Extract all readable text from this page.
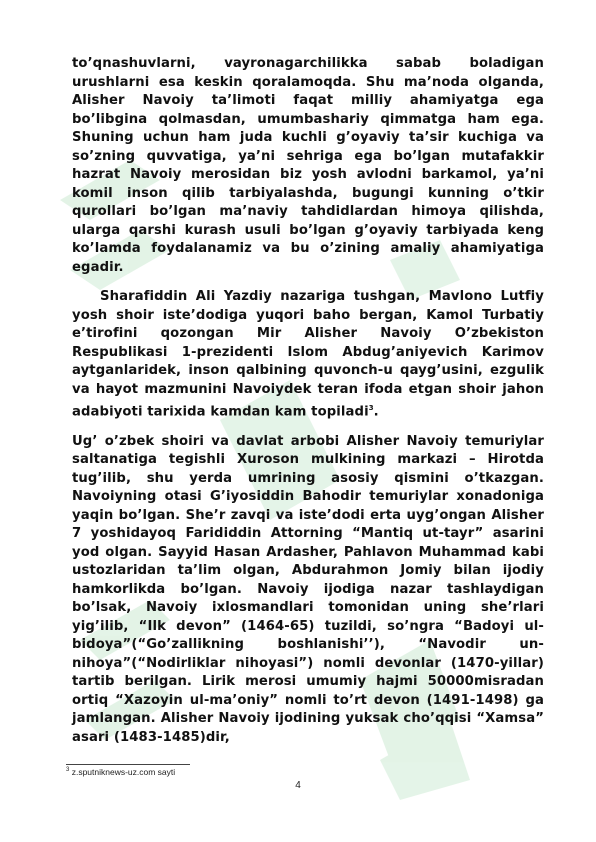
to’qnashuvlarni, vayronagarchilikka sabab boladigan urushlarni esa keskin qoralamoqda. Shu ma’noda olganda, Alisher Navoiy ta’limoti faqat milliy ahamiyatga ega bo’libgina qolmasdan, umumbashariy qimmatga ham ega. Shuning uchun ham juda kuchli g’oyaviy ta’sir kuchiga va so’zning quvvatiga, ya’ni sehriga ega bo’lgan mutafakkir hazrat Navoiy merosidan biz yosh avlodni barkamol, ya’ni komil inson qilib tarbiyalashda, bugungi kunning o’tkir qurollari bo’lgan ma’naviy tahdidlardan himoya qilishda, ularga qarshi kurash usuli bo’lgan g’oyaviy tarbiyada keng ko’lamda foydalanamiz va bu o’zining amaliy ahamiyatiga egadir.

Sharafiddin Ali Yazdiy nazariga tushgan, Mavlono Lutfiy yosh shoir iste’dodiga yuqori baho bergan, Kamol Turbatiy e’tirofini qozongan Mir Alisher Navoiy O’zbekiston Respublikasi 1-prezidenti Islom Abdug’aniyevich Karimov aytganlaridek, inson qalbining quvonch-u qayg’usini, ezgulik va hayot mazmunini Navoiydek teran ifoda etgan shoir jahon adabiyoti tarixida kamdan kam topiladi$^3$.

Ug’ o’zbek shoiri va davlat arbobi Alisher Navoiy temuriylar saltanatiga tegishli Xuroson mulkining markazi – Hirotda tug’ilib, shu yerda umrining asosiy qismini o’tkazgan. Navoiyning otasi G’iyosiddin Bahodir temuriylar xonadoniga yaqin bo’lgan. She’r zavqi va iste’dodi erta uyg’ongan Alisher 7 yoshidayoq Farididdin Attorning “Mantiq ut-tayr” asarini yod olgan. Sayyid Hasan Ardasher, Pahlavon Muhammad kabi ustozlaridan ta’lim olgan, Abdurahmon Jomiy bilan ijodiy hamkorlikda bo’lgan. Navoiy ijodiga nazar tashlaydigan bo’lsak, Navoiy ixlosmandlari tomonidan uning she’rlari yig’ilib, “Ilk devon” (1464-65) tuzildi, so’ngra “Badoyi ul-bidoya”(“Go’zallikning boshlanishi’’), “Navodir un-nihoya”(“Nodirliklar nihoyasi”) nomli devonlar (1470-yillar) tartib berilgan. Lirik merosi umumiy hajmi 50000misradan ortiq “Xazoyin ul-ma’oniy” nomli to’rt devon (1491-1498) ga jamlangan. Alisher Navoiy ijodining yuksak cho’qqisi “Xamsa” asari (1483-1485)dir,

$^3$ z.sputniknews-uz.com sayti
4
